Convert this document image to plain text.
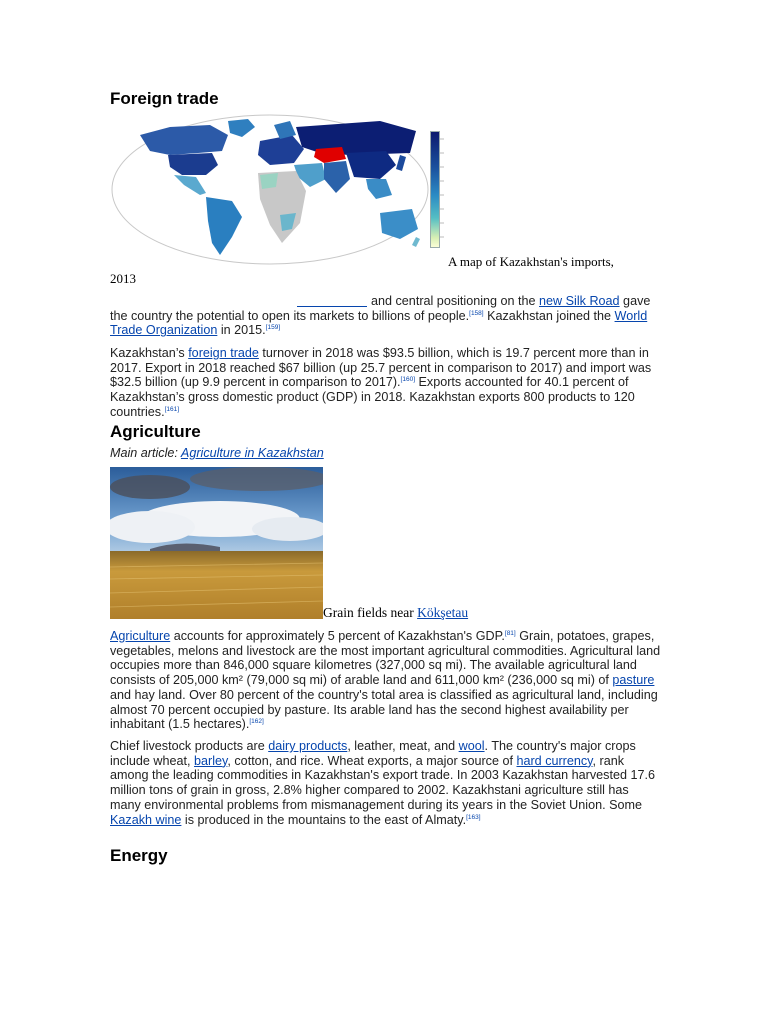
Foreign trade
A map of Kazakhstan's imports,
2013

and central positioning on the new Silk Road gave the country the potential to open its markets to billions of people.[158] Kazakhstan joined the World Trade Organization in 2015.[159]

Kazakhstan’s foreign trade turnover in 2018 was $93.5 billion, which is 19.7 percent more than in 2017. Export in 2018 reached $67 billion (up 25.7 percent in comparison to 2017) and import was $32.5 billion (up 9.9 percent in comparison to 2017).[160] Exports accounted for 40.1 percent of Kazakhstan’s gross domestic product (GDP) in 2018. Kazakhstan exports 800 products to 120 countries.[161]

Agriculture
Main article: Agriculture in Kazakhstan
Grain fields near Kökşetau

Agriculture accounts for approximately 5 percent of Kazakhstan's GDP.[81] Grain, potatoes, grapes, vegetables, melons and livestock are the most important agricultural commodities. Agricultural land occupies more than 846,000 square kilometres (327,000 sq mi). The available agricultural land consists of 205,000 km² (79,000 sq mi) of arable land and 611,000 km² (236,000 sq mi) of pasture and hay land. Over 80 percent of the country's total area is classified as agricultural land, including almost 70 percent occupied by pasture. Its arable land has the second highest availability per inhabitant (1.5 hectares).[162]

Chief livestock products are dairy products, leather, meat, and wool. The country's major crops include wheat, barley, cotton, and rice. Wheat exports, a major source of hard currency, rank among the leading commodities in Kazakhstan's export trade. In 2003 Kazakhstan harvested 17.6 million tons of grain in gross, 2.8% higher compared to 2002. Kazakhstani agriculture still has many environmental problems from mismanagement during its years in the Soviet Union. Some Kazakh wine is produced in the mountains to the east of Almaty.[163]

Energy
